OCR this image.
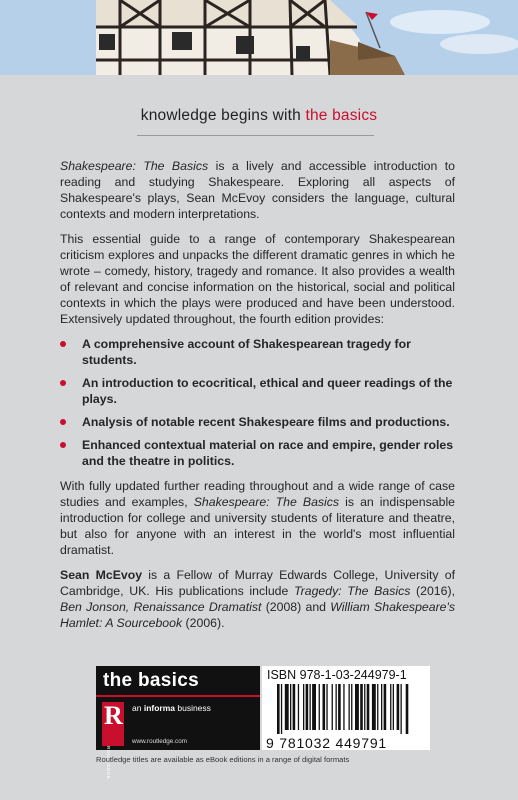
knowledge begins with the basics

Shakespeare: The Basics is a lively and accessible introduction to reading and studying Shakespeare. Exploring all aspects of Shakespeare's plays, Sean McEvoy considers the language, cultural contexts and modern interpretations.

This essential guide to a range of contemporary Shakespearean criticism explores and unpacks the different dramatic genres in which he wrote – comedy, history, tragedy and romance. It also provides a wealth of relevant and concise information on the historical, social and political contexts in which the plays were produced and have been understood. Extensively updated throughout, the fourth edition provides:

A comprehensive account of Shakespearean tragedy for students.
An introduction to ecocritical, ethical and queer readings of the plays.
Analysis of notable recent Shakespeare films and productions.
Enhanced contextual material on race and empire, gender roles and the theatre in politics.

With fully updated further reading throughout and a wide range of case studies and examples, Shakespeare: The Basics is an indispensable introduction for college and university students of literature and theatre, but also for anyone with an interest in the world's most influential dramatist.

Sean McEvoy is a Fellow of Murray Edwards College, University of Cambridge, UK. His publications include Tragedy: The Basics (2016), Ben Jonson, Renaissance Dramatist (2008) and William Shakespeare's Hamlet: A Sourcebook (2006).

the basics
R
ROUTLEDGE
an informa business
www.routledge.com
ISBN 978-1-03-244979-1
9 781032 449791
Routledge titles are available as eBook editions in a range of digital formats
